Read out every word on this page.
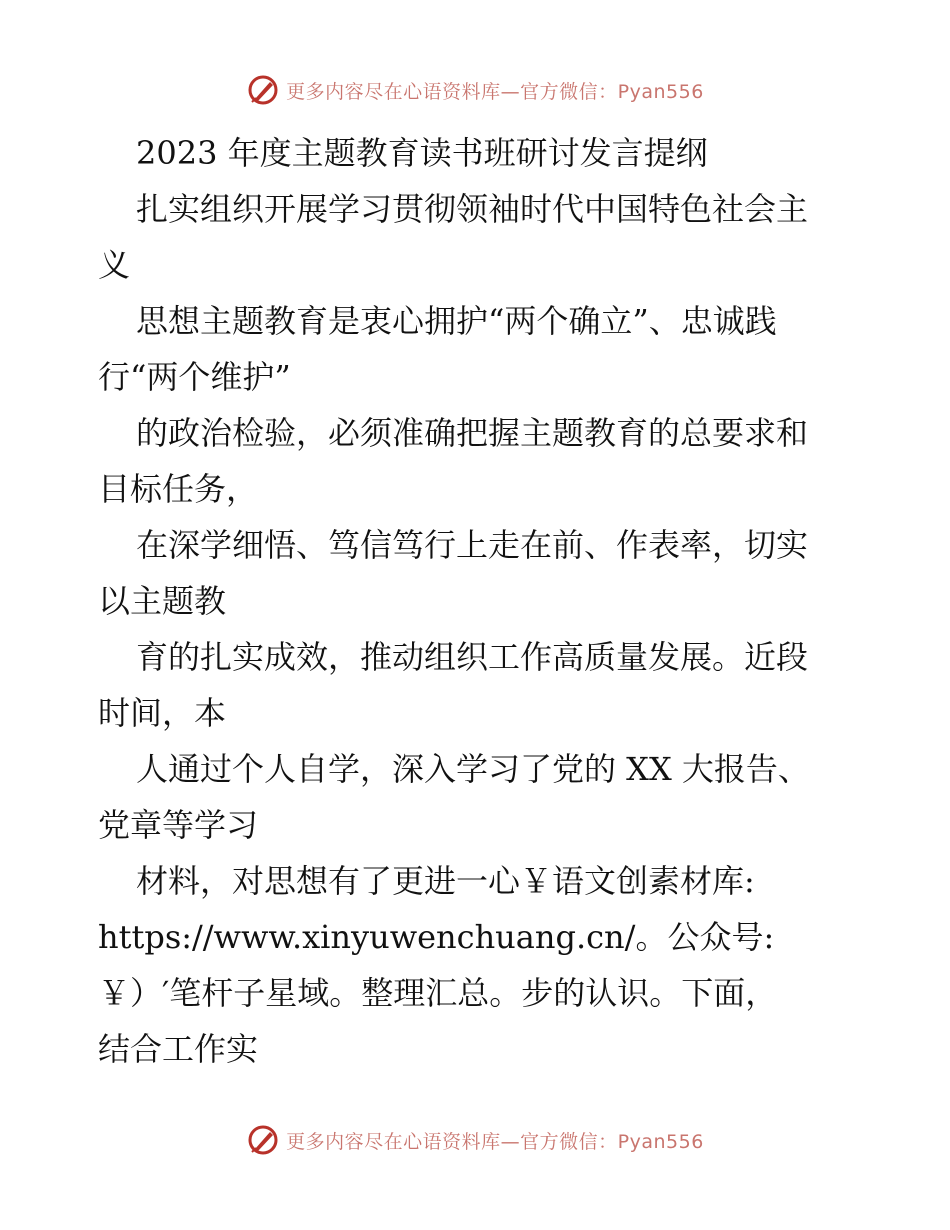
更多内容尽在心语资料库—官方微信：Pyan556
2023 年度主题教育读书班研讨发言提纲
扎实组织开展学习贯彻领袖时代中国特色社会主
义
思想主题教育是衷心拥护“两个确立”、忠诚践
行“两个维护”
的政治检验，必须准确把握主题教育的总要求和
目标任务，
在深学细悟、笃信笃行上走在前、作表率，切实
以主题教
育的扎实成效，推动组织工作高质量发展。近段
时间，本
人通过个人自学，深入学习了党的 XX 大报告、
党章等学习
材料，对思想有了更进一心￥语文创素材库:
https://www.xinyuwenchuang.cn/。公众号:
￥）′笔杆子星域。整理汇总。步的认识。下面，
结合工作实
更多内容尽在心语资料库—官方微信：Pyan556
